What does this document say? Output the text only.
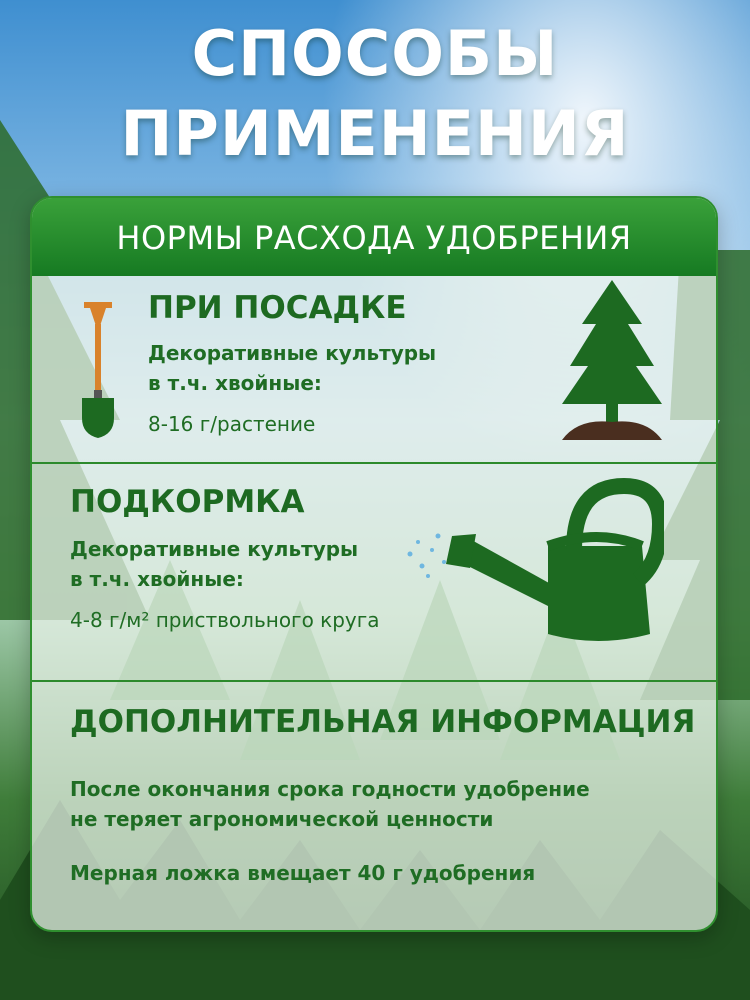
СПОСОБЫ
ПРИМЕНЕНИЯ
НОРМЫ РАСХОДА УДОБРЕНИЯ
ПРИ ПОСАДКЕ
Декоративные культуры
в т.ч. хвойные:
8-16 г/растение
ПОДКОРМКА
Декоративные культуры
в т.ч. хвойные:
4-8 г/м² приствольного круга
ДОПОЛНИТЕЛЬНАЯ ИНФОРМАЦИЯ
После окончания срока годности удобрение
не теряет агрономической ценности
Мерная ложка вмещает 40 г удобрения
